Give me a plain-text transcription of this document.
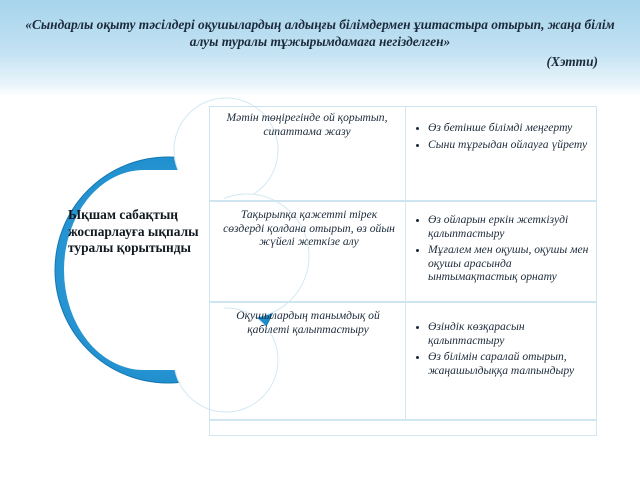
«Сындарлы оқыту тәсілдері оқушылардың алдыңғы білімдермен ұштастыра отырып, жаңа білім алуы туралы тұжырымдамаға негізделген»
(Хэтти)
Ықшам сабақтың жоспарлауға ықпалы туралы қорытынды
Мәтін төңірегінде ой қорытып, сипаттама жазу	• Өз бетінше білімді меңгерту
• Сыни тұрғыдан ойлауға үйрету
Тақырыпқа қажетті тірек сөздерді қолдана отырып, өз ойын жүйелі жеткізе алу
• Өз ойларын еркін жеткізуді қалыптастыру
• Мұғалем мен оқушы, оқушы мен оқушы арасында ынтымақтастық орнату
Оқушылардың танымдық ой қабілеті қалыптастыру	• Өзіндік көзқарасын қалыптастыру
• Өз білімін саралай отырып, жаңашылдыққа талпындыру
